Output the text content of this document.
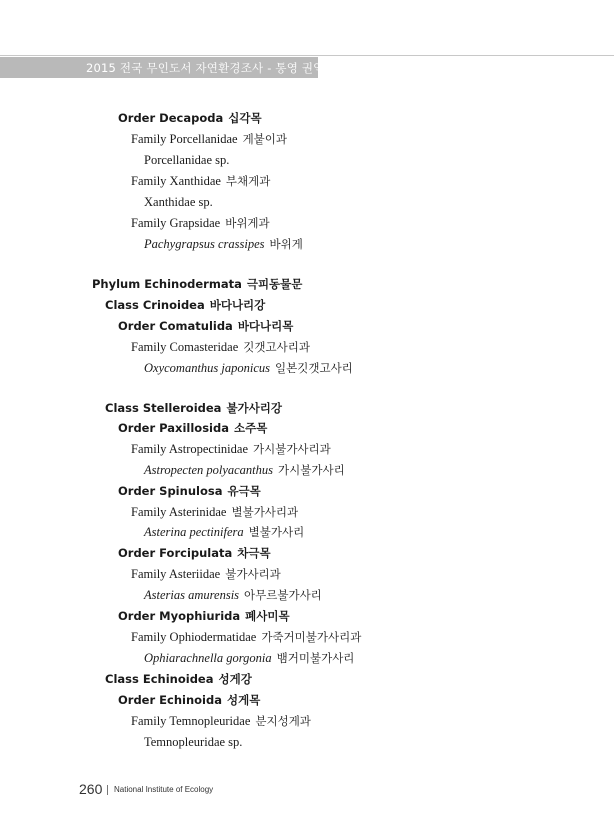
2015 전국 무인도서 자연환경조사 - 통영 권역
Order Decapoda 십각목
Family Porcellanidae 게붙이과
Porcellanidae sp.
Family Xanthidae 부채게과
Xanthidae sp.
Family Grapsidae 바위게과
Pachygrapsus crassipes 바위게
Phylum Echinodermata 극피동물문
Class Crinoidea 바다나리강
Order Comatulida 바다나리목
Family Comasteridae 깃갯고사리과
Oxycomanthus japonicus 일본깃갯고사리
Class Stelleroidea 불가사리강
Order Paxillosida 소주목
Family Astropectinidae 가시불가사리과
Astropecten polyacanthus 가시불가사리
Order Spinulosa 유극목
Family Asterinidae 별불가사리과
Asterina pectinifera 별불가사리
Order Forcipulata 차극목
Family Asteriidae 불가사리과
Asterias amurensis 아무르불가사리
Order Myophiurida 폐사미목
Family Ophiodermatidae 가죽거미불가사리과
Ophiarachnella gorgonia 뱀거미불가사리
Class Echinoidea 성게강
Order Echinoida 성게목
Family Temnopleuridae 분지성게과
Temnopleuridae sp.
260 National Institute of Ecology
